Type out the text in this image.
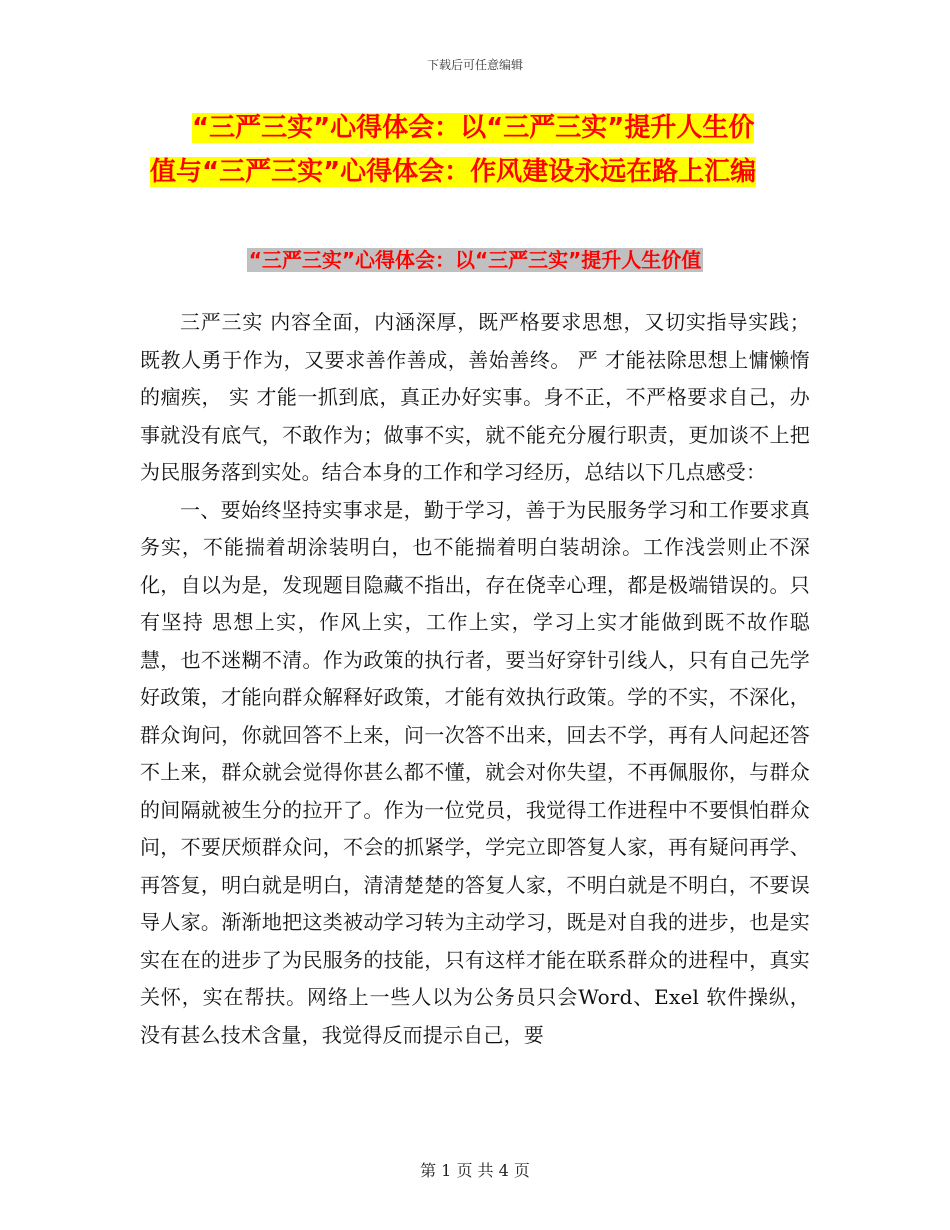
下载后可任意编辑
“三严三实”心得体会：以“三严三实”提升人生价
值与“三严三实”心得体会：作风建设永远在路上汇编
“三严三实”心得体会：以“三严三实”提升人生价值

三严三实 内容全面，内涵深厚，既严格要求思想，又切实指导实践；既教人勇于作为，又要求善作善成，善始善终。 严 才能祛除思想上慵懒惰的痼疾， 实 才能一抓到底，真正办好实事。身不正，不严格要求自己，办事就没有底气，不敢作为；做事不实，就不能充分履行职责，更加谈不上把为民服务落到实处。结合本身的工作和学习经历，总结以下几点感受：

一、要始终坚持实事求是，勤于学习，善于为民服务学习和工作要求真务实，不能揣着胡涂装明白，也不能揣着明白装胡涂。工作浅尝则止不深化，自以为是，发现题目隐藏不指出，存在侥幸心理，都是极端错误的。只有坚持 思想上实，作风上实，工作上实，学习上实才能做到既不故作聪慧，也不迷糊不清。作为政策的执行者，要当好穿针引线人，只有自己先学好政策，才能向群众解释好政策，才能有效执行政策。学的不实，不深化，群众询问，你就回答不上来，问一次答不出来，回去不学，再有人问起还答不上来，群众就会觉得你甚么都不懂，就会对你失望，不再佩服你，与群众的间隔就被生分的拉开了。作为一位党员，我觉得工作进程中不要惧怕群众问，不要厌烦群众问，不会的抓紧学，学完立即答复人家，再有疑问再学、再答复，明白就是明白，清清楚楚的答复人家，不明白就是不明白，不要误导人家。渐渐地把这类被动学习转为主动学习，既是对自我的进步，也是实实在在的进步了为民服务的技能，只有这样才能在联系群众的进程中，真实关怀，实在帮扶。网络上一些人以为公务员只会Word、Exel 软件操纵，没有甚么技术含量，我觉得反而提示自己，要

第 1 页 共 4 页
